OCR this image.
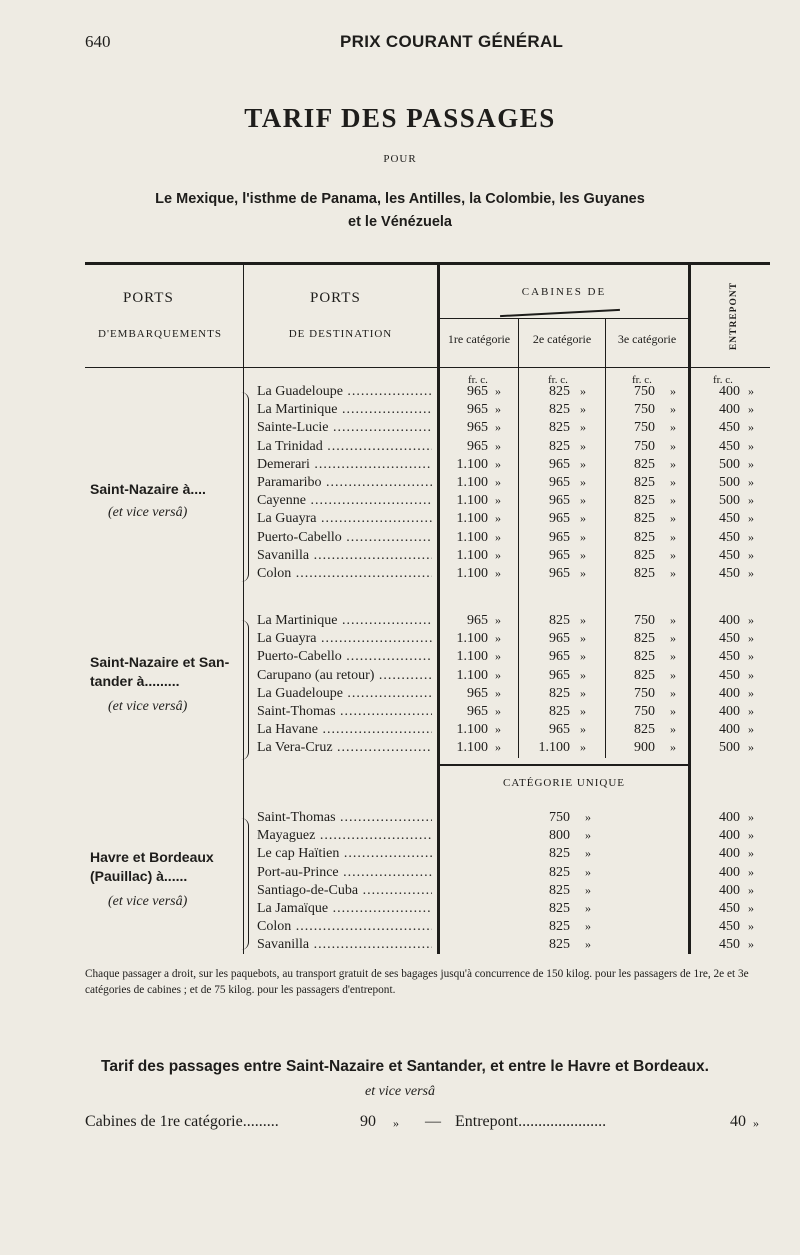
640	PRIX COURANT GÉNÉRAL
TARIF DES PASSAGES
POUR
Le Mexique, l'isthme de Panama, les Antilles, la Colombie, les Guyanes
et le Vénézuela
PORTS
D'EMBARQUEMENTS
PORTS
DE DESTINATION
CABINES DE
1re catégorie	2e catégorie	3e catégorie	ENTREPONT
fr. c.	fr. c.	fr. c.	fr. c.
Saint-Nazaire à....
(et vice versâ)
Saint-Nazaire et San-
tander à.........
(et vice versâ)
Havre et Bordeaux
(Pauillac) à......
(et vice versâ)
CATÉGORIE UNIQUE
La Guadeloupe .....	965 »	825 »	750 »	400 »
La Martinique .....	965 »	825 »	750 »	400 »
Sainte-Lucie .....	965 »	825 »	750 »	450 »
La Trinidad .....	965 »	825 »	750 »	450 »
Demerari .....	1.100 »	965 »	825 »	500 »
Paramaribo .....	1.100 »	965 »	825 »	500 »
Cayenne .....	1.100 »	965 »	825 »	500 »
La Guayra .....	1.100 »	965 »	825 »	450 »
Puerto-Cabello .....	1.100 »	965 »	825 »	450 »
Savanilla .....	1.100 »	965 »	825 »	450 »
Colon .....	1.100 »	965 »	825 »	450 »
La Martinique .....	965 »	825 »	750 »	400 »
La Guayra .....	1.100 »	965 »	825 »	450 »
Puerto-Cabello .....	1.100 »	965 »	825 »	450 »
Carupano (au retour) .....	1.100 »	965 »	825 »	450 »
La Guadeloupe .....	965 »	825 »	750 »	400 »
Saint-Thomas .....	965 »	825 »	750 »	400 »
La Havane .....	1.100 »	965 »	825 »	400 »
La Vera-Cruz .....	1.100 »	1.100 »	900 »	500 »
Saint-Thomas .....	750 »	400 »
Mayaguez .....	800 »	400 »
Le cap Haïtien .....	825 »	400 »
Port-au-Prince .....	825 »	400 »
Santiago-de-Cuba .....	825 »	400 »
La Jamaïque .....	825 »	450 »
Colon .....	825 »	450 »
Savanilla .....	825 »	450 »
Chaque passager a droit, sur les paquebots, au transport gratuit de ses bagages jusqu'à concurrence de 150 kilog. pour les passagers de 1re, 2e et 3e catégories de cabines ; et de 75 kilog. pour les passagers d'entrepont.
Tarif des passages entre Saint-Nazaire et Santander, et entre le Havre et Bordeaux.
et vice versâ
Cabines de 1re catégorie.........	90 » — Entrepont......................	40 »
